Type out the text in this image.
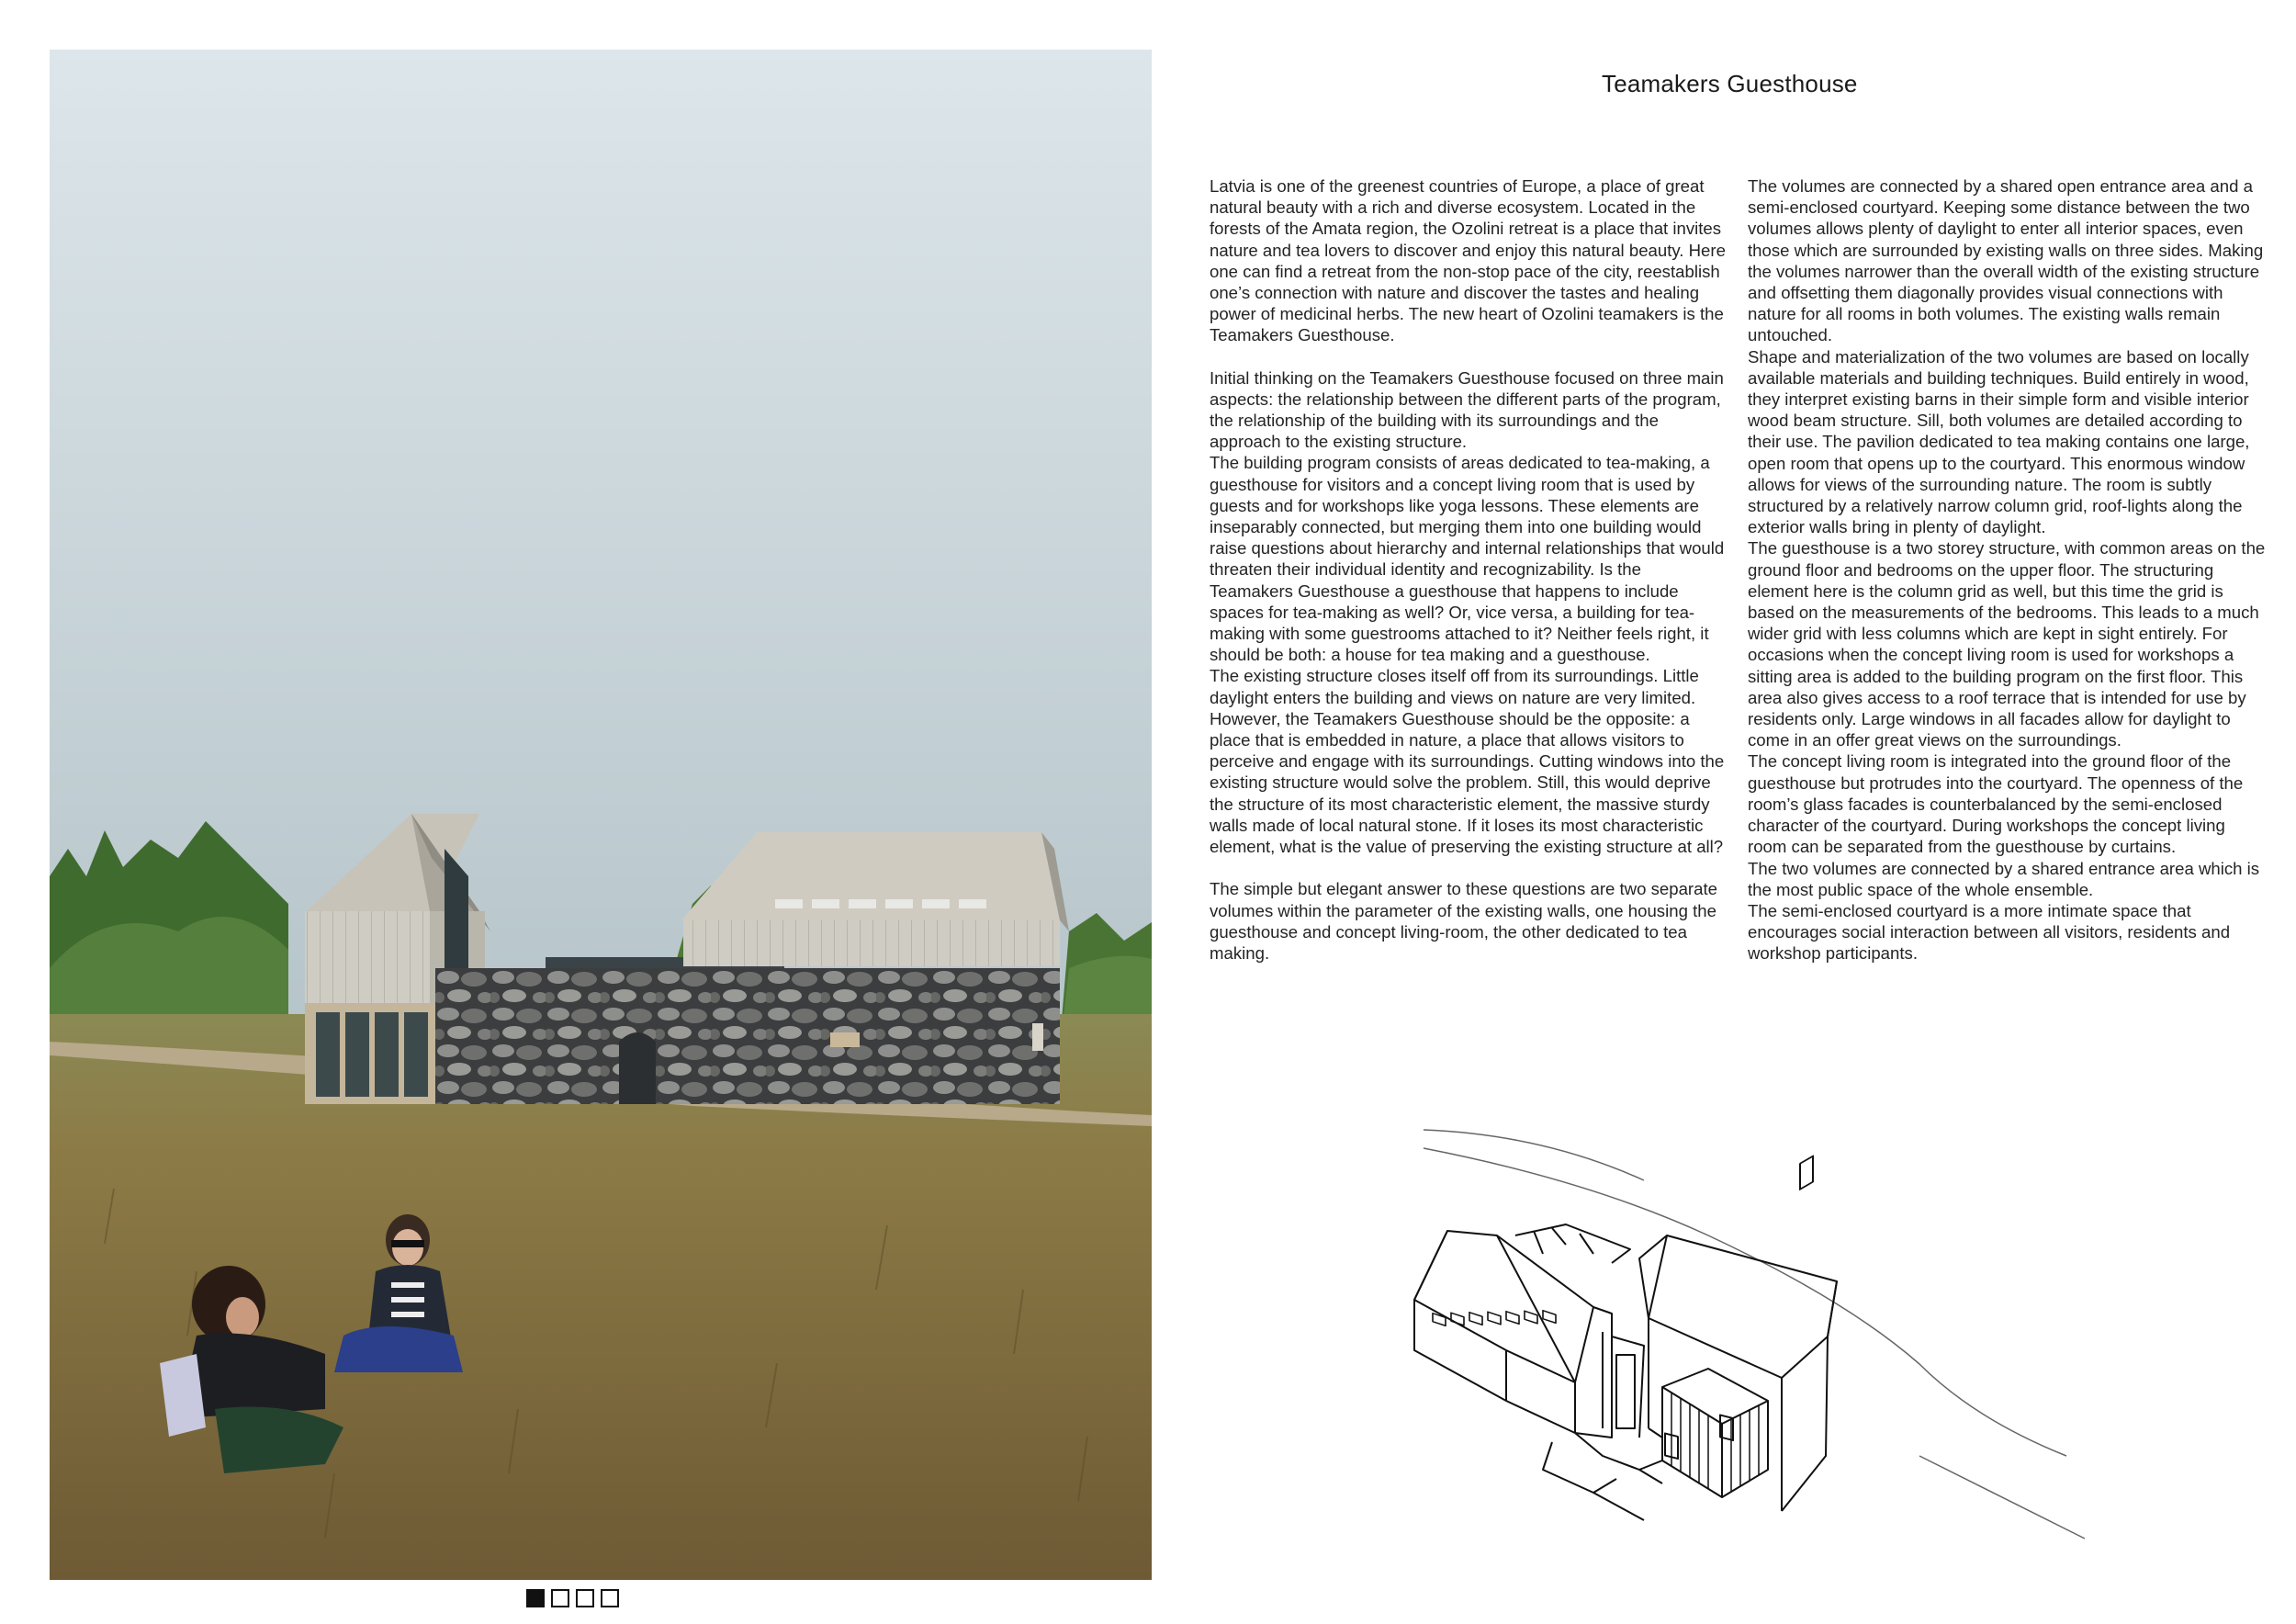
Teamakers Guesthouse

Latvia is one of the greenest countries of Europe, a place of great natural beauty with a rich and diverse ecosystem. Located in the forests of the Amata region, the Ozolini retreat is a place that invites nature and tea lovers to discover and enjoy this natural beauty. Here one can find a retreat from the non-stop pace of the city, reestablish one’s connection with nature and discover the tastes and healing power of medicinal herbs. The new heart of Ozolini teamakers is the Teamakers Guesthouse.

Initial thinking on the Teamakers Guesthouse focused on three main aspects: the relationship between the different parts of the program, the relationship of the building with its surroundings and the approach to the existing structure.

The building program consists of areas dedicated to tea-making, a guesthouse for visitors and a concept living room that is used by guests and for workshops like yoga lessons. These elements are inseparably connected, but merging them into one building would raise questions about hierarchy and internal relationships that would threaten their individual identity and recognizability. Is the Teamakers Guesthouse a guesthouse that happens to include spaces for tea-making as well? Or, vice versa, a building for tea-making with some guestrooms attached to it? Neither feels right, it should be both: a house for tea making and a guesthouse.

The existing structure closes itself off from its surroundings. Little daylight enters the building and views on nature are very limited. However, the Teamakers Guesthouse should be the opposite: a place that is embedded in nature, a place that allows visitors to perceive and engage with its surroundings. Cutting windows into the existing structure would solve the problem. Still, this would deprive the structure of its most characteristic element, the massive sturdy walls made of local natural stone. If it loses its most characteristic element, what is the value of preserving the existing structure at all?

The simple but elegant answer to these questions are two separate volumes within the parameter of the existing walls, one housing the guesthouse and concept living-room, the other dedicated to tea making.

The volumes are connected by a shared open entrance area and a semi-enclosed courtyard. Keeping some distance between the two volumes allows plenty of daylight to enter all interior spaces, even those which are surrounded by existing walls on three sides. Making the volumes narrower than the overall width of the existing structure and offsetting them diagonally provides visual connections with nature for all rooms in both volumes. The existing walls remain untouched.

Shape and materialization of the two volumes are based on locally available materials and building techniques. Build entirely in wood, they interpret existing barns in their simple form and visible interior wood beam structure. Sill, both volumes are detailed according to their use. The pavilion dedicated to tea making contains one large, open room that opens up to the courtyard. This enormous window allows for views of the surrounding nature. The room is subtly structured by a relatively narrow column grid, roof-lights along the exterior walls bring in plenty of daylight.

The guesthouse is a two storey structure, with common areas on the ground floor and bedrooms on the upper floor. The structuring element here is the column grid as well, but this time the grid is based on the measurements of the bedrooms. This leads to a much wider grid with less columns which are kept in sight entirely. For occasions when the concept living room is used for workshops a sitting area is added to the building program on the first floor. This area also gives access to a roof terrace that is intended for use by residents only. Large windows in all facades allow for daylight to come in an offer great views on the surroundings.

The concept living room is integrated into the ground floor of the guesthouse but protrudes into the courtyard. The openness of the room’s glass facades is counterbalanced by the semi-enclosed character of the courtyard. During workshops the concept living room can be separated from the guesthouse by curtains.

The two volumes are connected by a shared entrance area which is the most public space of the whole ensemble.

The semi-enclosed courtyard is a more intimate space that encourages social interaction between all visitors, residents and workshop participants.
